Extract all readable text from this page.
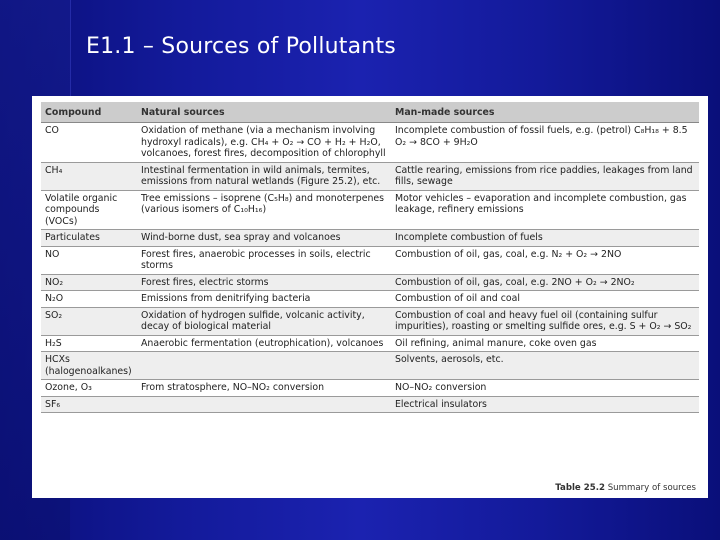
E1.1 – Sources of Pollutants
Compound	Natural sources	Man-made sources
CO	Oxidation of methane (via a mechanism involving hydroxyl radicals), e.g. CH₄ + O₂ → CO + H₂ + H₂O, volcanoes, forest fires, decomposition of chlorophyll	Incomplete combustion of fossil fuels, e.g. (petrol) C₈H₁₈ + 8.5 O₂ → 8CO + 9H₂O
CH₄	Intestinal fermentation in wild animals, termites, emissions from natural wetlands (Figure 25.2), etc.	Cattle rearing, emissions from rice paddies, leakages from land fills, sewage
Volatile organic compounds (VOCs)	Tree emissions – isoprene (C₅H₈) and monoterpenes (various isomers of C₁₀H₁₆)	Motor vehicles – evaporation and incomplete combustion, gas leakage, refinery emissions
Particulates	Wind-borne dust, sea spray and volcanoes	Incomplete combustion of fuels
NO	Forest fires, anaerobic processes in soils, electric storms	Combustion of oil, gas, coal, e.g. N₂ + O₂ → 2NO
NO₂	Forest fires, electric storms	Combustion of oil, gas, coal, e.g. 2NO + O₂ → 2NO₂
N₂O	Emissions from denitrifying bacteria	Combustion of oil and coal
SO₂	Oxidation of hydrogen sulfide, volcanic activity, decay of biological material	Combustion of coal and heavy fuel oil (containing sulfur impurities), roasting or smelting sulfide ores, e.g. S + O₂ → SO₂
H₂S	Anaerobic fermentation (eutrophication), volcanoes	Oil refining, animal manure, coke oven gas
HCXs (halogenoalkanes)		Solvents, aerosols, etc.
Ozone, O₃	From stratosphere, NO–NO₂ conversion	NO–NO₂ conversion
SF₆		Electrical insulators
Table 25.2 Summary of sources
